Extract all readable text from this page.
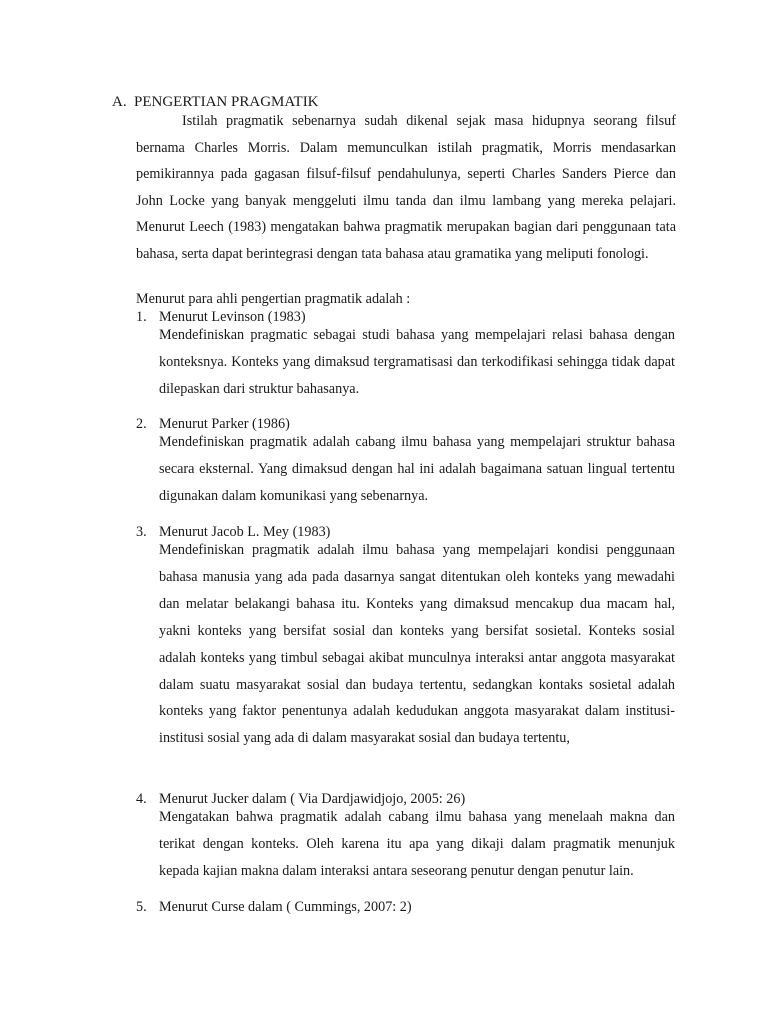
A. PENGERTIAN PRAGMATIK
Istilah pragmatik sebenarnya sudah dikenal sejak masa hidupnya seorang filsuf bernama Charles Morris. Dalam memunculkan istilah pragmatik, Morris mendasarkan pemikirannya pada gagasan filsuf-filsuf pendahulunya, seperti Charles Sanders Pierce dan John Locke yang banyak menggeluti ilmu tanda dan ilmu lambang yang mereka pelajari. Menurut Leech (1983) mengatakan bahwa pragmatik merupakan bagian dari penggunaan tata bahasa, serta dapat berintegrasi dengan tata bahasa atau gramatika yang meliputi fonologi.
Menurut para ahli pengertian pragmatik adalah :
1. Menurut Levinson (1983)
Mendefiniskan pragmatic sebagai studi bahasa yang mempelajari relasi bahasa dengan konteksnya. Konteks yang dimaksud tergramatisasi dan terkodifikasi sehingga tidak dapat dilepaskan dari struktur bahasanya.
2. Menurut Parker (1986)
Mendefiniskan pragmatik adalah cabang ilmu bahasa yang mempelajari struktur bahasa secara eksternal. Yang dimaksud dengan hal ini adalah bagaimana satuan lingual tertentu digunakan dalam komunikasi yang sebenarnya.
3. Menurut Jacob L. Mey (1983)
Mendefiniskan pragmatik adalah ilmu bahasa yang mempelajari kondisi penggunaan bahasa manusia yang ada pada dasarnya sangat ditentukan oleh konteks yang mewadahi dan melatar belakangi bahasa itu. Konteks yang dimaksud mencakup dua macam hal, yakni konteks yang bersifat sosial dan konteks yang bersifat sosietal. Konteks sosial adalah konteks yang timbul sebagai akibat munculnya interaksi antar anggota masyarakat dalam suatu masyarakat sosial dan budaya tertentu, sedangkan kontaks sosietal adalah konteks yang faktor penentunya adalah kedudukan anggota masyarakat dalam institusi-institusi sosial yang ada di dalam masyarakat sosial dan budaya tertentu,
4. Menurut Jucker dalam ( Via Dardjawidjojo, 2005: 26)
Mengatakan bahwa pragmatik adalah cabang ilmu bahasa yang menelaah makna dan terikat dengan konteks. Oleh karena itu apa yang dikaji dalam pragmatik menunjuk kepada kajian makna dalam interaksi antara seseorang penutur dengan penutur lain.
5. Menurut Curse dalam ( Cummings, 2007: 2)
